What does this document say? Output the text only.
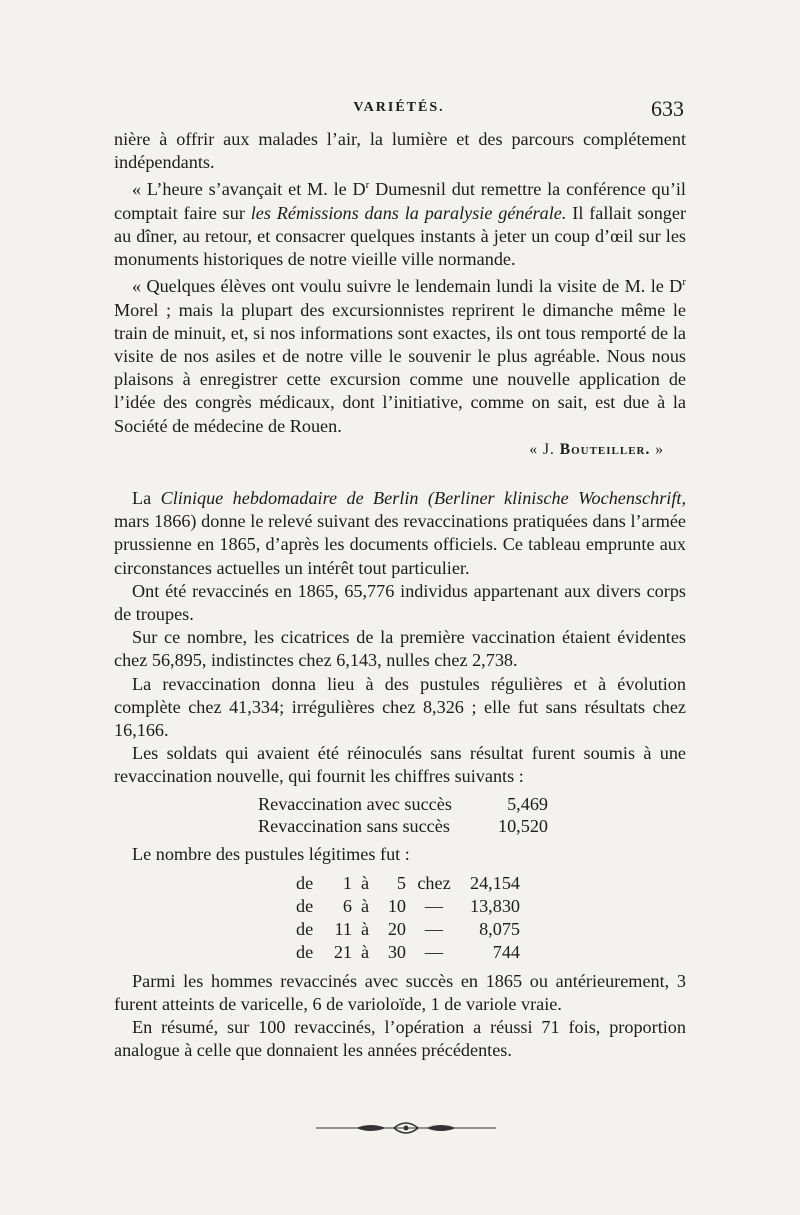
VARIÉTÉS.	633

nière à offrir aux malades l’air, la lumière et des parcours complétement indépendants.

« L’heure s’avançait et M. le $D^r$ Dumesnil dut remettre la conférence qu’il comptait faire sur les Rémissions dans la paralysie générale. Il fallait songer au dîner, au retour, et consacrer quelques instants à jeter un coup d’œil sur les monuments historiques de notre vieille ville normande.

« Quelques élèves ont voulu suivre le lendemain lundi la visite de M. le $D^r$ Morel ; mais la plupart des excursionnistes reprirent le dimanche même le train de minuit, et, si nos informations sont exactes, ils ont tous remporté de la visite de nos asiles et de notre ville le souvenir le plus agréable. Nous nous plaisons à enregistrer cette excursion comme une nouvelle application de l’idée des congrès médicaux, dont l’initiative, comme on sait, est due à la Société de médecine de Rouen.

« J. Bouteiller. »

La Clinique hebdomadaire de Berlin (Berliner klinische Wochenschrift, mars 1866) donne le relevé suivant des revaccinations pratiquées dans l’armée prussienne en 1865, d’après les documents officiels. Ce tableau emprunte aux circonstances actuelles un intérêt tout particulier.

Ont été revaccinés en 1865, 65,776 individus appartenant aux divers corps de troupes.

Sur ce nombre, les cicatrices de la première vaccination étaient évidentes chez 56,895, indistinctes chez 6,143, nulles chez 2,738.

La revaccination donna lieu à des pustules régulières et à évolution complète chez 41,334; irrégulières chez 8,326 ; elle fut sans résultats chez 16,166.

Les soldats qui avaient été réinoculés sans résultat furent soumis à une revaccination nouvelle, qui fournit les chiffres suivants :

Revaccination avec succès	5,469
Revaccination sans succès	10,520

Le nombre des pustules légitimes fut :

de	1 à	5 chez	24,154
de	6 à	10	—	13,830
de	11 à	20	—	8,075
de	21 à	30	—	744

Parmi les hommes revaccinés avec succès en 1865 ou antérieurement, 3 furent atteints de varicelle, 6 de varioloïde, 1 de variole vraie.

En résumé, sur 100 revaccinés, l’opération a réussi 71 fois, proportion analogue à celle que donnaient les années précédentes.
